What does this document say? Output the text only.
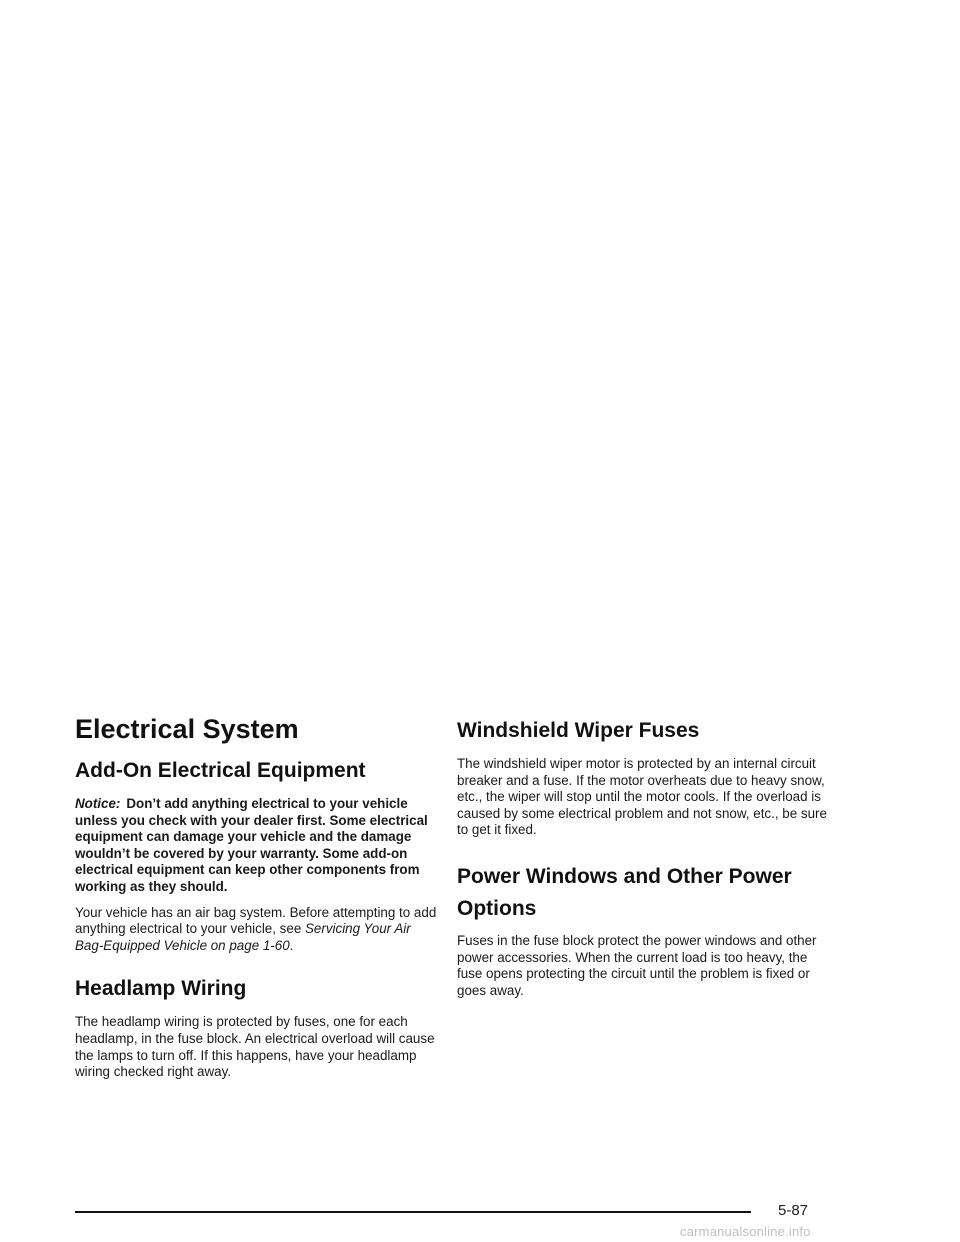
Electrical System
Add-On Electrical Equipment

Notice: Don’t add anything electrical to your vehicle unless you check with your dealer first. Some electrical equipment can damage your vehicle and the damage wouldn’t be covered by your warranty. Some add-on electrical equipment can keep other components from working as they should.

Your vehicle has an air bag system. Before attempting to add anything electrical to your vehicle, see Servicing Your Air Bag-Equipped Vehicle on page 1-60.

Headlamp Wiring

The headlamp wiring is protected by fuses, one for each headlamp, in the fuse block. An electrical overload will cause the lamps to turn off. If this happens, have your headlamp wiring checked right away.

Windshield Wiper Fuses

The windshield wiper motor is protected by an internal circuit breaker and a fuse. If the motor overheats due to heavy snow, etc., the wiper will stop until the motor cools. If the overload is caused by some electrical problem and not snow, etc., be sure to get it fixed.

Power Windows and Other Power Options

Fuses in the fuse block protect the power windows and other power accessories. When the current load is too heavy, the fuse opens protecting the circuit until the problem is fixed or goes away.

5-87
carmanualsonline.info
